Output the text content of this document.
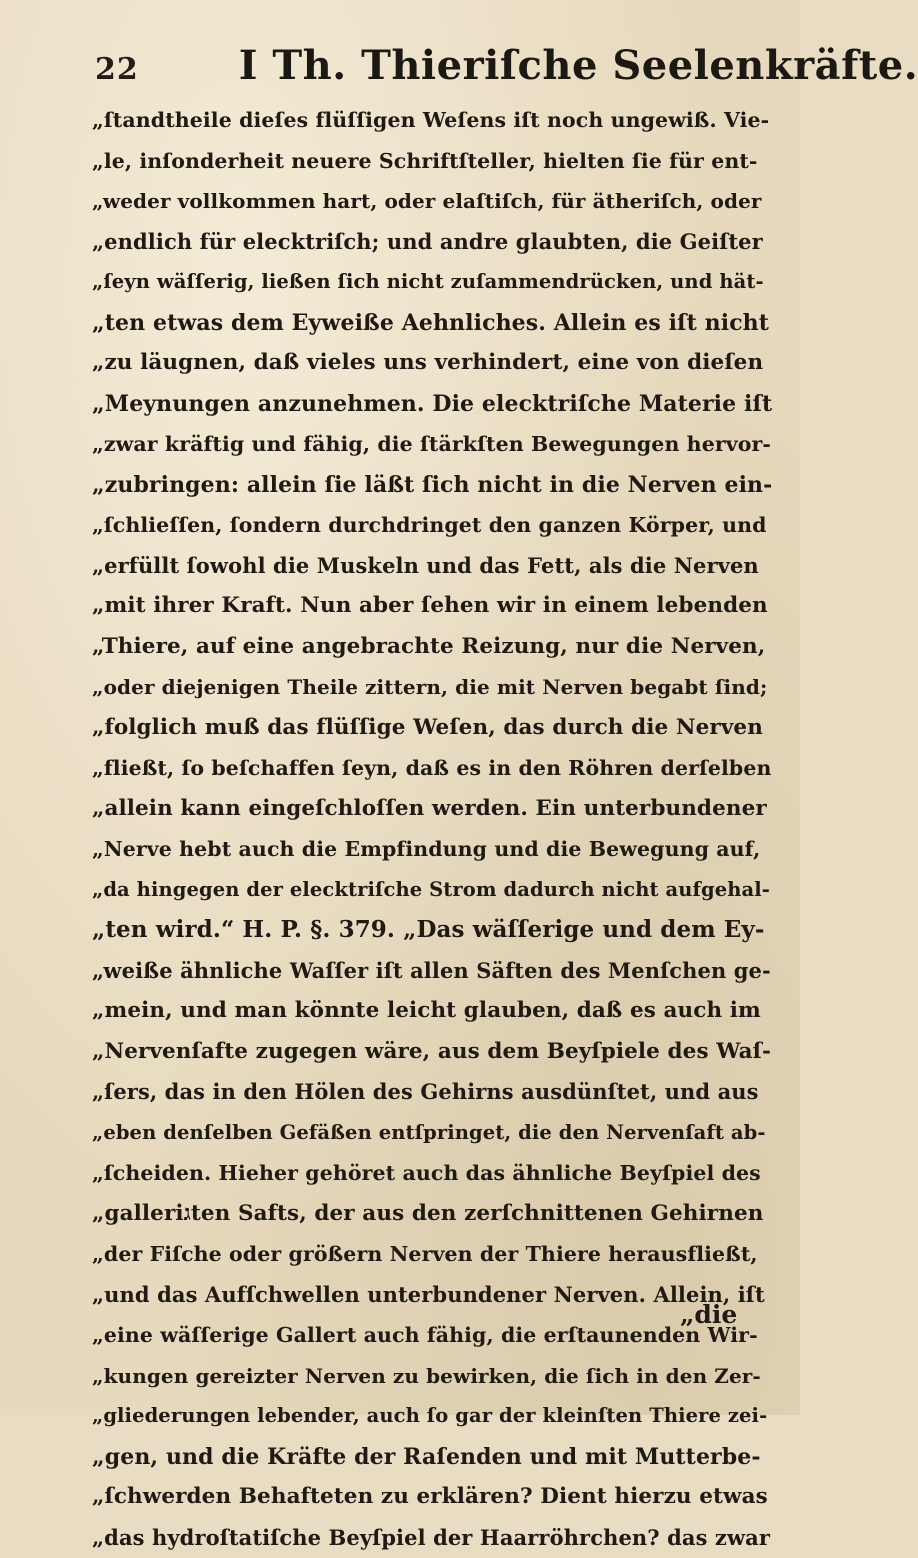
22	I Th. Thieriſche Seelenkräfte.
„ſtandtheile dieſes flüſſigen Weſens iſt noch ungewiß. Vie-
„le, inſonderheit neuere Schriftſteller, hielten ſie für ent-
„weder vollkommen hart, oder elaſtiſch, für ätheriſch, oder
„endlich für elecktriſch; und andre glaubten, die Geiſter
„ſeyn wäſſerig, ließen ſich nicht zuſammendrücken, und hät-
„ten etwas dem Eyweiße Aehnliches. Allein es iſt nicht
„zu läugnen, daß vieles uns verhindert, eine von dieſen
„Meynungen anzunehmen. Die elecktriſche Materie iſt
„zwar kräftig und fähig, die ſtärkſten Bewegungen hervor-
„zubringen: allein ſie läßt ſich nicht in die Nerven ein-
„ſchlieſſen, ſondern durchdringet den ganzen Körper, und
„erfüllt ſowohl die Muskeln und das Fett, als die Nerven
„mit ihrer Kraft. Nun aber ſehen wir in einem lebenden
„Thiere, auf eine angebrachte Reizung, nur die Nerven,
„oder diejenigen Theile zittern, die mit Nerven begabt ſind;
„folglich muß das flüſſige Weſen, das durch die Nerven
„fließt, ſo beſchaffen ſeyn, daß es in den Röhren derſelben
„allein kann eingeſchloſſen werden. Ein unterbundener
„Nerve hebt auch die Empfindung und die Bewegung auf,
„da hingegen der elecktriſche Strom dadurch nicht aufgehal-
„ten wird.“ H. P. §. 379. „Das wäſſerige und dem Ey-
„weiße ähnliche Waſſer iſt allen Säften des Menſchen ge-
„mein, und man könnte leicht glauben, daß es auch im
„Nervenſafte zugegen wäre, aus dem Beyſpiele des Waſ-
„ſers, das in den Hölen des Gehirns ausdünſtet, und aus
„eben denſelben Gefäßen entſpringet, die den Nervenſaft ab-
„ſcheiden. Hieher gehöret auch das ähnliche Beyſpiel des
„galleriגten Safts, der aus den zerſchnittenen Gehirnen
„der Fiſche oder größern Nerven der Thiere herausfließt,
„und das Aufſchwellen unterbundener Nerven. Allein, iſt
„eine wäſſerige Gallert auch fähig, die erſtaunenden Wir-
„kungen gereizter Nerven zu bewirken, die ſich in den Zer-
„gliederungen lebender, auch ſo gar der kleinſten Thiere zei-
„gen, und die Kräfte der Raſenden und mit Mutterbe-
„ſchwerden Behafteten zu erklären? Dient hierzu etwas
„das hydroſtatiſche Beyſpiel der Haarröhrchen? das zwar
„die
